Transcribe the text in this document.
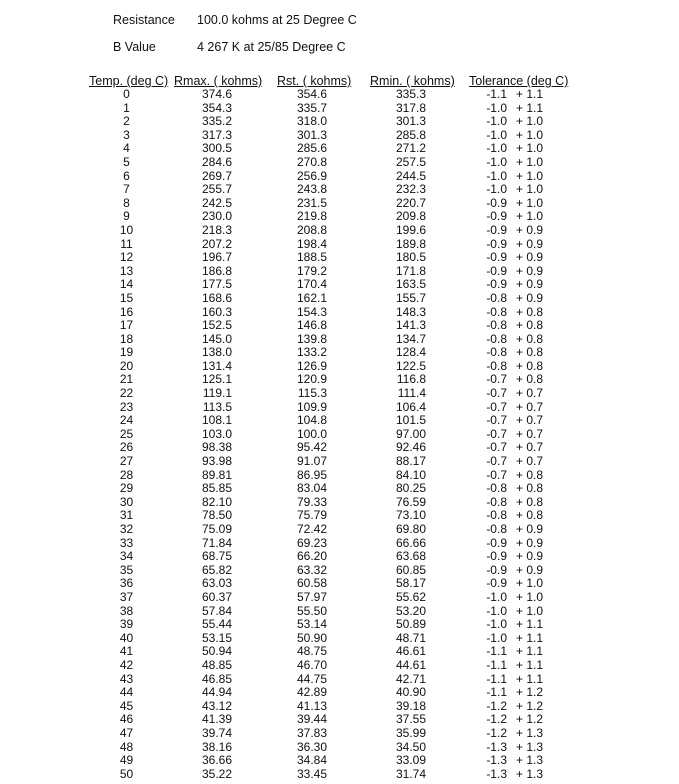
Resistance 100.0 kohms at 25 Degree C
B Value	4 267 K at 25/85 Degree C
Temp. (deg C) Rmax. ( kohms) Rst. ( kohms) Rmin. ( kohms) Tolerance (deg C)
0	374.6	354.6	335.3	-1.1 + 1.1
1	354.3	335.7	317.8	-1.0 + 1.1
2	335.2	318.0	301.3	-1.0 + 1.0
3	317.3	301.3	285.8	-1.0 + 1.0
4	300.5	285.6	271.2	-1.0 + 1.0
5	284.6	270.8	257.5	-1.0 + 1.0
6	269.7	256.9	244.5	-1.0 + 1.0
7	255.7	243.8	232.3	-1.0 + 1.0
8	242.5	231.5	220.7	-0.9 + 1.0
9	230.0	219.8	209.8	-0.9 + 1.0
10	218.3	208.8	199.6	-0.9 + 0.9
11	207.2	198.4	189.8	-0.9 + 0.9
12	196.7	188.5	180.5	-0.9 + 0.9
13	186.8	179.2	171.8	-0.9 + 0.9
14	177.5	170.4	163.5	-0.9 + 0.9
15	168.6	162.1	155.7	-0.8 + 0.9
16	160.3	154.3	148.3	-0.8 + 0.8
17	152.5	146.8	141.3	-0.8 + 0.8
18	145.0	139.8	134.7	-0.8 + 0.8
19	138.0	133.2	128.4	-0.8 + 0.8
20	131.4	126.9	122.5	-0.8 + 0.8
21	125.1	120.9	116.8	-0.7 + 0.8
22	119.1	115.3	111.4	-0.7 + 0.7
23	113.5	109.9	106.4	-0.7 + 0.7
24	108.1	104.8	101.5	-0.7 + 0.7
25	103.0	100.0	97.00	-0.7 + 0.7
26	98.38	95.42	92.46	-0.7 + 0.7
27	93.98	91.07	88.17	-0.7 + 0.7
28	89.81	86.95	84.10	-0.7 + 0.8
29	85.85	83.04	80.25	-0.8 + 0.8
30	82.10	79.33	76.59	-0.8 + 0.8
31	78.50	75.79	73.10	-0.8 + 0.8
32	75.09	72.42	69.80	-0.8 + 0.9
33	71.84	69.23	66.66	-0.9 + 0.9
34	68.75	66.20	63.68	-0.9 + 0.9
35	65.82	63.32	60.85	-0.9 + 0.9
36	63.03	60.58	58.17	-0.9 + 1.0
37	60.37	57.97	55.62	-1.0 + 1.0
38	57.84	55.50	53.20	-1.0 + 1.0
39	55.44	53.14	50.89	-1.0 + 1.1
40	53.15	50.90	48.71	-1.0 + 1.1
41	50.94	48.75	46.61	-1.1 + 1.1
42	48.85	46.70	44.61	-1.1 + 1.1
43	46.85	44.75	42.71	-1.1 + 1.1
44	44.94	42.89	40.90	-1.1 + 1.2
45	43.12	41.13	39.18	-1.2 + 1.2
46	41.39	39.44	37.55	-1.2 + 1.2
47	39.74	37.83	35.99	-1.2 + 1.3
48	38.16	36.30	34.50	-1.3 + 1.3
49	36.66	34.84	33.09	-1.3 + 1.3
50	35.22	33.45	31.74	-1.3 + 1.3
